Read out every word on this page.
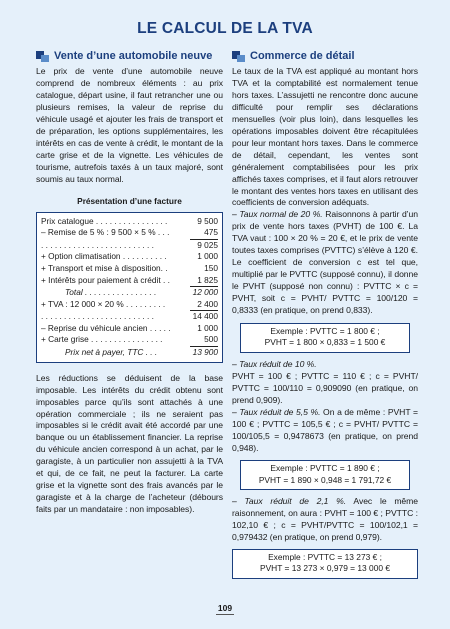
LE CALCUL DE LA TVA
Vente d’une automobile neuve

Le prix de vente d’une automobile neuve comprend de nombreux éléments : au prix catalogue, départ usine, il faut retrancher une ou plusieurs remises, la valeur de reprise du véhicule usagé et ajouter les frais de transport et de préparation, les options supplémentaires, les intérêts en cas de vente à crédit, le montant de la carte grise et de la vignette. Les véhicules de tourisme, autrefois taxés à un taux majoré, sont soumis au taux normal.

Présentation d’une facture
Prix catalogue . . . . . . . . . . . . . . . .	9 500
– Remise de 5 % : 9 500 × 5 % . . .	475
. . . . . . . . . . . . . . . . . . . . . . . . .	9 025
+ Option climatisation . . . . . . . . . .	1 000
+ Transport et mise à disposition. .	150
+ Intérêts pour paiement à crédit . .	1 825
Total . . . . . . . . . . . . . . . .	12 000
+ TVA : 12 000 × 20 % . . . . . . . . .	2 400
. . . . . . . . . . . . . . . . . . . . . . . . .	14 400
– Reprise du véhicule ancien . . . . .	1 000
+ Carte grise . . . . . . . . . . . . . . . .	500
Prix net à payer, TTC . . .	13 900

Les réductions se déduisent de la base imposable. Les intérêts du crédit obtenu sont imposables parce qu’ils sont attachés à une opération commerciale ; ils ne seraient pas imposables si le crédit avait été accordé par une banque ou un établissement financier. La reprise du véhicule ancien correspond à un achat, par le garagiste, à un particulier non assujetti à la TVA et qui, de ce fait, ne peut la facturer. La carte grise et la vignette sont des frais avancés par le garagiste et à la charge de l’acheteur (débours faits par un mandataire : non imposables).

Commerce de détail

Le taux de la TVA est appliqué au montant hors TVA et la comptabilité est normalement tenue hors taxes. L’assujetti ne rencontre donc aucune difficulté pour remplir ses déclarations mensuelles (voir plus loin), dans lesquelles les opérations imposables doivent être récapitulées pour leur montant hors taxes. Dans le commerce de détail, cependant, les ventes sont généralement comptabilisées pour les prix affichés taxes comprises, et il faut alors retrouver le montant des ventes hors taxes en utilisant des coefficients de conversion adéquats.

– Taux normal de 20 %. Raisonnons à partir d’un prix de vente hors taxes (PVHT) de 100 €. La TVA vaut : 100 × 20 % = 20 €, et le prix de vente toutes taxes comprises (PVTTC) s’élève à 120 €. Le coefficient de conversion c est tel que, multiplié par le PVTTC (supposé connu), il donne le PVHT (supposé non connu) : PVTTC × c = PVHT, soit c = PVHT/ PVTTC = 100/120 = 0,8333 (en pratique, on prend 0,833).

Exemple : PVTTC = 1 800 € ;
PVHT = 1 800 × 0,833 = 1 500 €

– Taux réduit de 10 %.

PVHT = 100 € ; PVTTC = 110 € ; c = PVHT/ PVTTC = 100/110 = 0,909090 (en pratique, on prend 0,909).

– Taux réduit de 5,5 %. On a de même : PVHT = 100 € ; PVTTC = 105,5 € ; c = PVHT/ PVTTC = 100/105,5 = 0,9478673 (en pratique, on prend 0,948).

Exemple : PVTTC = 1 890 € ;
PVHT = 1 890 × 0,948 = 1 791,72 €

– Taux réduit de 2,1 %. Avec le même raisonnement, on aura : PVHT = 100 € ; PVTTC : 102,10 € ; c = PVHT/PVTTC = 100/102,1 = 0,979432 (en pratique, on prend 0,979).

Exemple : PVTTC = 13 273 € ;
PVHT = 13 273 × 0,979 = 13 000 €
109
